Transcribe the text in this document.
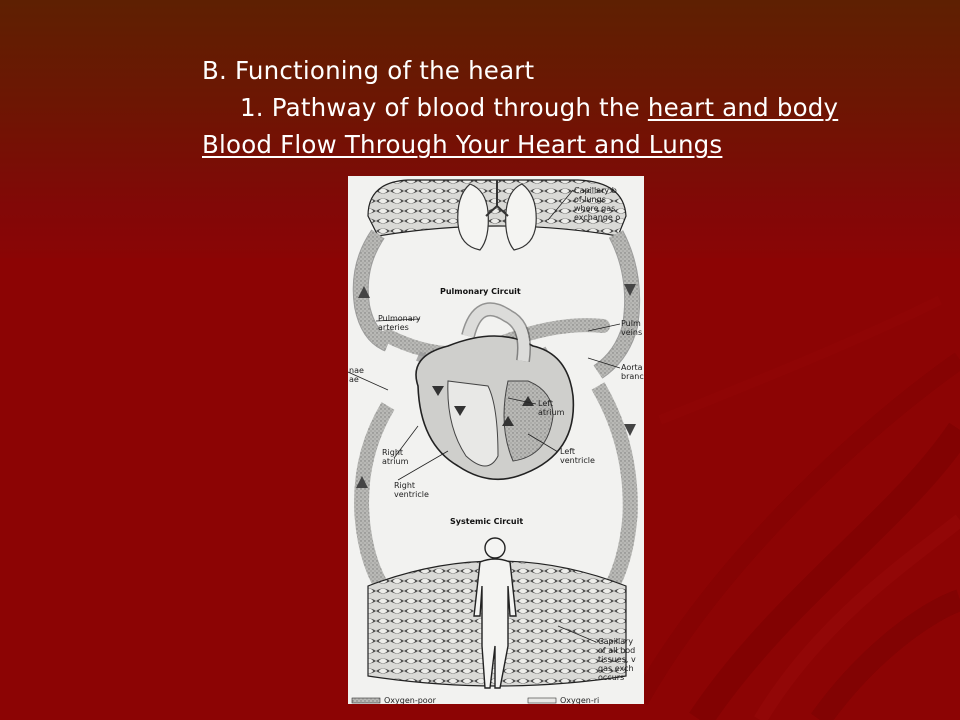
B. Functioning of the heart
1. Pathway of blood through the heart and body
Blood Flow Through Your Heart and Lungs
Capillary b
of lungs
where gas
exchange o
Pulmonary Circuit
Pulmonary
arteries	Pulm
veins
Aorta
branc
nae
ae
Left
atrium
Left
ventricle
Right
atrium
Right
ventricle
Systemic Circuit
Capillary
of all bod
tissues, v
gas exch
occurs
Oxygen-poor	Oxygen-ri
